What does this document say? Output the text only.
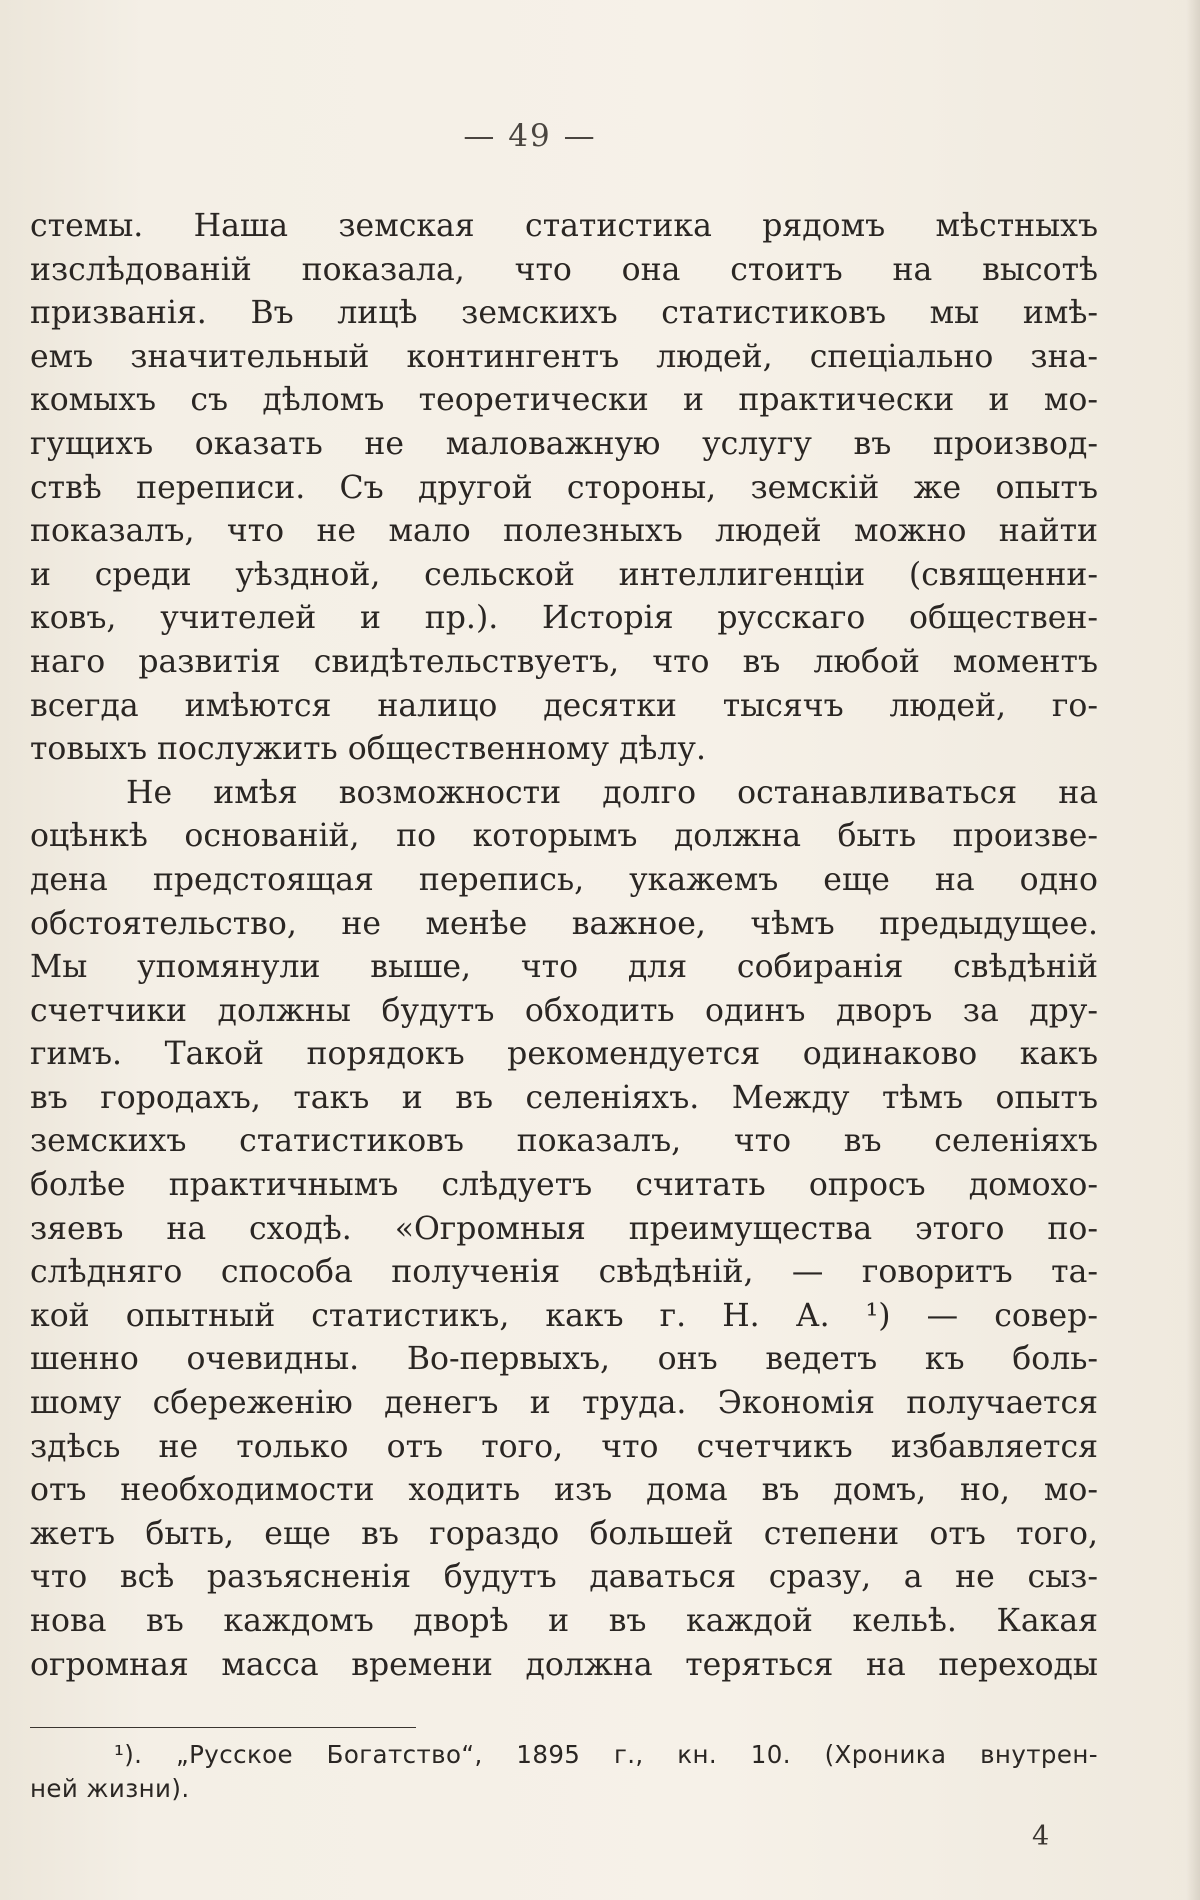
— 49 —
стемы. Наша земская статистика рядомъ мѣстныхъ
изслѣдованій показала, что она стоитъ на высотѣ
призванія. Въ лицѣ земскихъ статистиковъ мы имѣ-
емъ значительный контингентъ людей, спеціально зна-
комыхъ съ дѣломъ теоретически и практически и мо-
гущихъ оказать не маловажную услугу въ производ-
ствѣ переписи. Съ другой стороны, земскій же опытъ
показалъ, что не мало полезныхъ людей можно найти
и среди уѣздной, сельской интеллигенціи (священни-
ковъ, учителей и пр.). Исторія русскаго обществен-
наго развитія свидѣтельствуетъ, что въ любой моментъ
всегда имѣются налицо десятки тысячъ людей, го-
товыхъ послужить общественному дѣлу.
Не имѣя возможности долго останавливаться на
оцѣнкѣ основаній, по которымъ должна быть произве-
дена предстоящая перепись, укажемъ еще на одно
обстоятельство, не менѣе важное, чѣмъ предыдущее.
Мы упомянули выше, что для собиранія свѣдѣній
счетчики должны будутъ обходить одинъ дворъ за дру-
гимъ. Такой порядокъ рекомендуется одинаково какъ
въ городахъ, такъ и въ селеніяхъ. Между тѣмъ опытъ
земскихъ статистиковъ показалъ, что въ селеніяхъ
болѣе практичнымъ слѣдуетъ считать опросъ домохо-
зяевъ на сходѣ. «Огромныя преимущества этого по-
слѣдняго способа полученія свѣдѣній, — говоритъ та-
кой опытный статистикъ, какъ г. Н. А. ¹) — совер-
шенно очевидны. Во-первыхъ, онъ ведетъ къ боль-
шому сбереженію денегъ и труда. Экономія получается
здѣсь не только отъ того, что счетчикъ избавляется
отъ необходимости ходить изъ дома въ домъ, но, мо-
жетъ быть, еще въ гораздо большей степени отъ того,
что всѣ разъясненія будутъ даваться сразу, а не сыз-
нова въ каждомъ дворѣ и въ каждой кельѣ. Какая
огромная масса времени должна теряться на переходы
¹). „Русское Богатство“, 1895 г., кн. 10. (Хроника внутрен-
ней жизни).
4
